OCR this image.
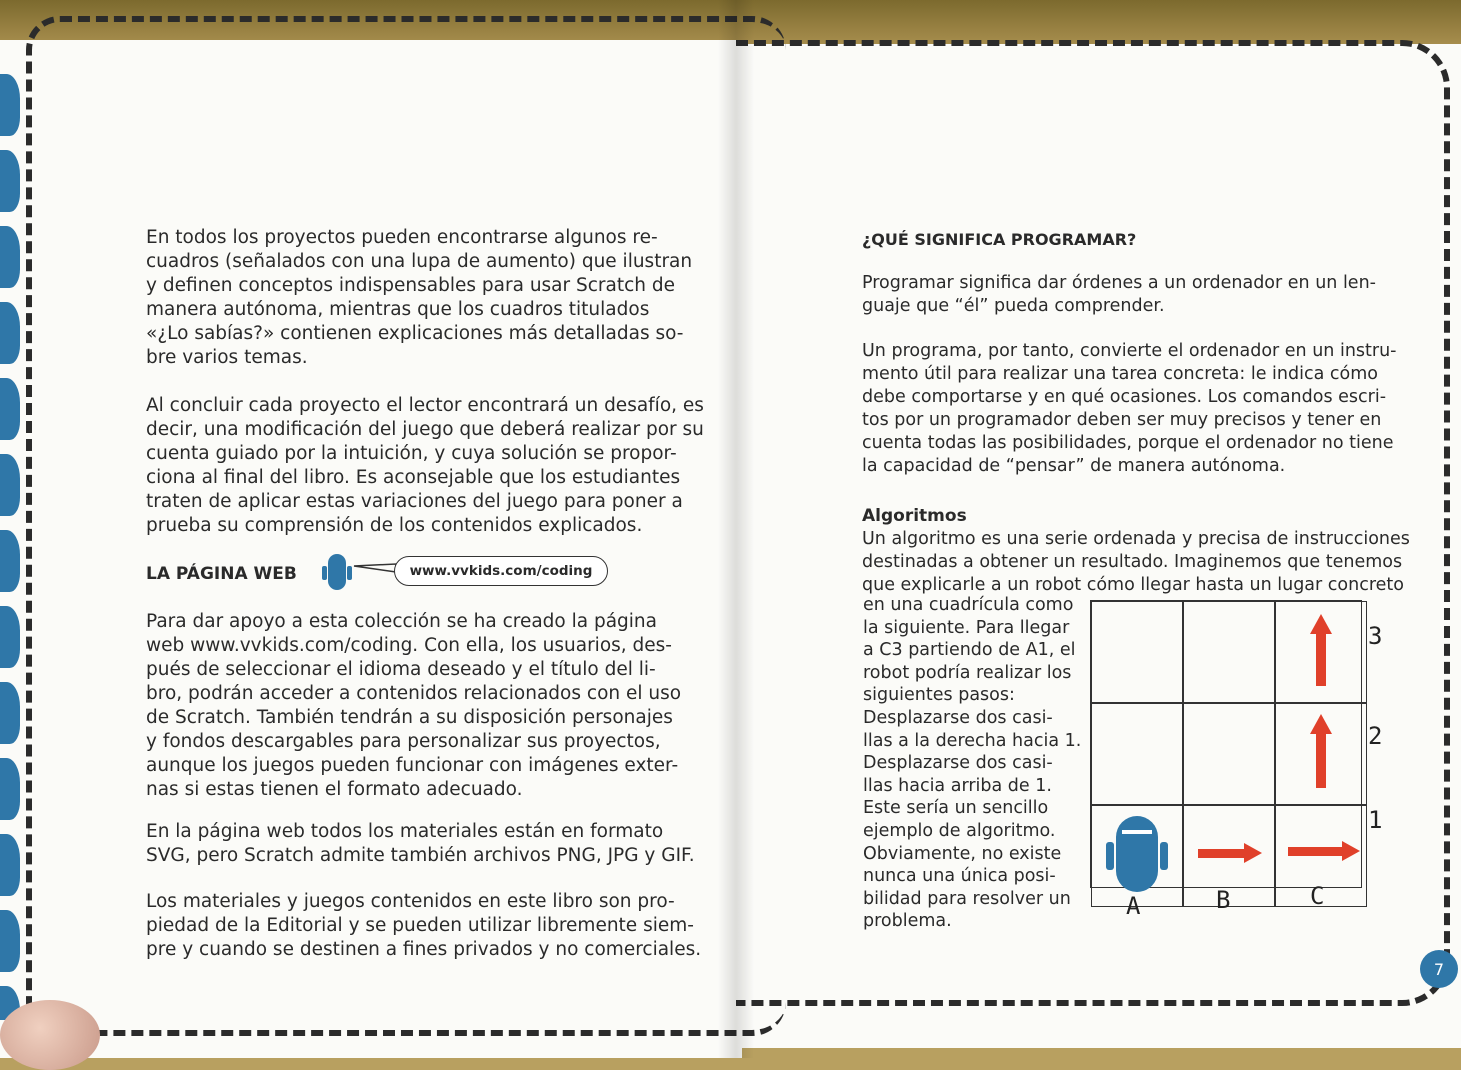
En todos los proyectos pueden encontrarse algunos re-

cuadros (señalados con una lupa de aumento) que ilustran

y definen conceptos indispensables para usar Scratch de

manera autónoma, mientras que los cuadros titulados

«¿Lo sabías?» contienen explicaciones más detalladas so-

bre varios temas.

Al concluir cada proyecto el lector encontrará un desafío, es

decir, una modificación del juego que deberá realizar por su

cuenta guiado por la intuición, y cuya solución se propor-

ciona al final del libro. Es aconsejable que los estudiantes

traten de aplicar estas variaciones del juego para poner a

prueba su comprensión de los contenidos explicados.

LA PÁGINA WEB	www.vvkids.com/coding

Para dar apoyo a esta colección se ha creado la página

web www.vvkids.com/coding. Con ella, los usuarios, des-

pués de seleccionar el idioma deseado y el título del li-

bro, podrán acceder a contenidos relacionados con el uso

de Scratch. También tendrán a su disposición personajes

y fondos descargables para personalizar sus proyectos,

aunque los juegos pueden funcionar con imágenes exter-

nas si estas tienen el formato adecuado.

En la página web todos los materiales están en formato

SVG, pero Scratch admite también archivos PNG, JPG y GIF.

Los materiales y juegos contenidos en este libro son pro-

piedad de la Editorial y se pueden utilizar libremente siem-

pre y cuando se destinen a fines privados y no comerciales.

¿QUÉ SIGNIFICA PROGRAMAR?

Programar significa dar órdenes a un ordenador en un len-

guaje que “él” pueda comprender.

Un programa, por tanto, convierte el ordenador en un instru-

mento útil para realizar una tarea concreta: le indica cómo

debe comportarse y en qué ocasiones. Los comandos escri-

tos por un programador deben ser muy precisos y tener en

cuenta todas las posibilidades, porque el ordenador no tiene

la capacidad de “pensar” de manera autónoma.

Algoritmos

Un algoritmo es una serie ordenada y precisa de instrucciones

destinadas a obtener un resultado. Imaginemos que tenemos

que explicarle a un robot cómo llegar hasta un lugar concreto

en una cuadrícula como

la siguiente. Para llegar

a C3 partiendo de A1, el

robot podría realizar los

siguientes pasos:

Desplazarse dos casi-

llas a la derecha hacia 1.

Desplazarse dos casi-

llas hacia arriba de 1.

Este sería un sencillo

ejemplo de algoritmo.

Obviamente, no existe

nunca una única posi-

bilidad para resolver un

problema.

3
2
1
A	B	C
7
